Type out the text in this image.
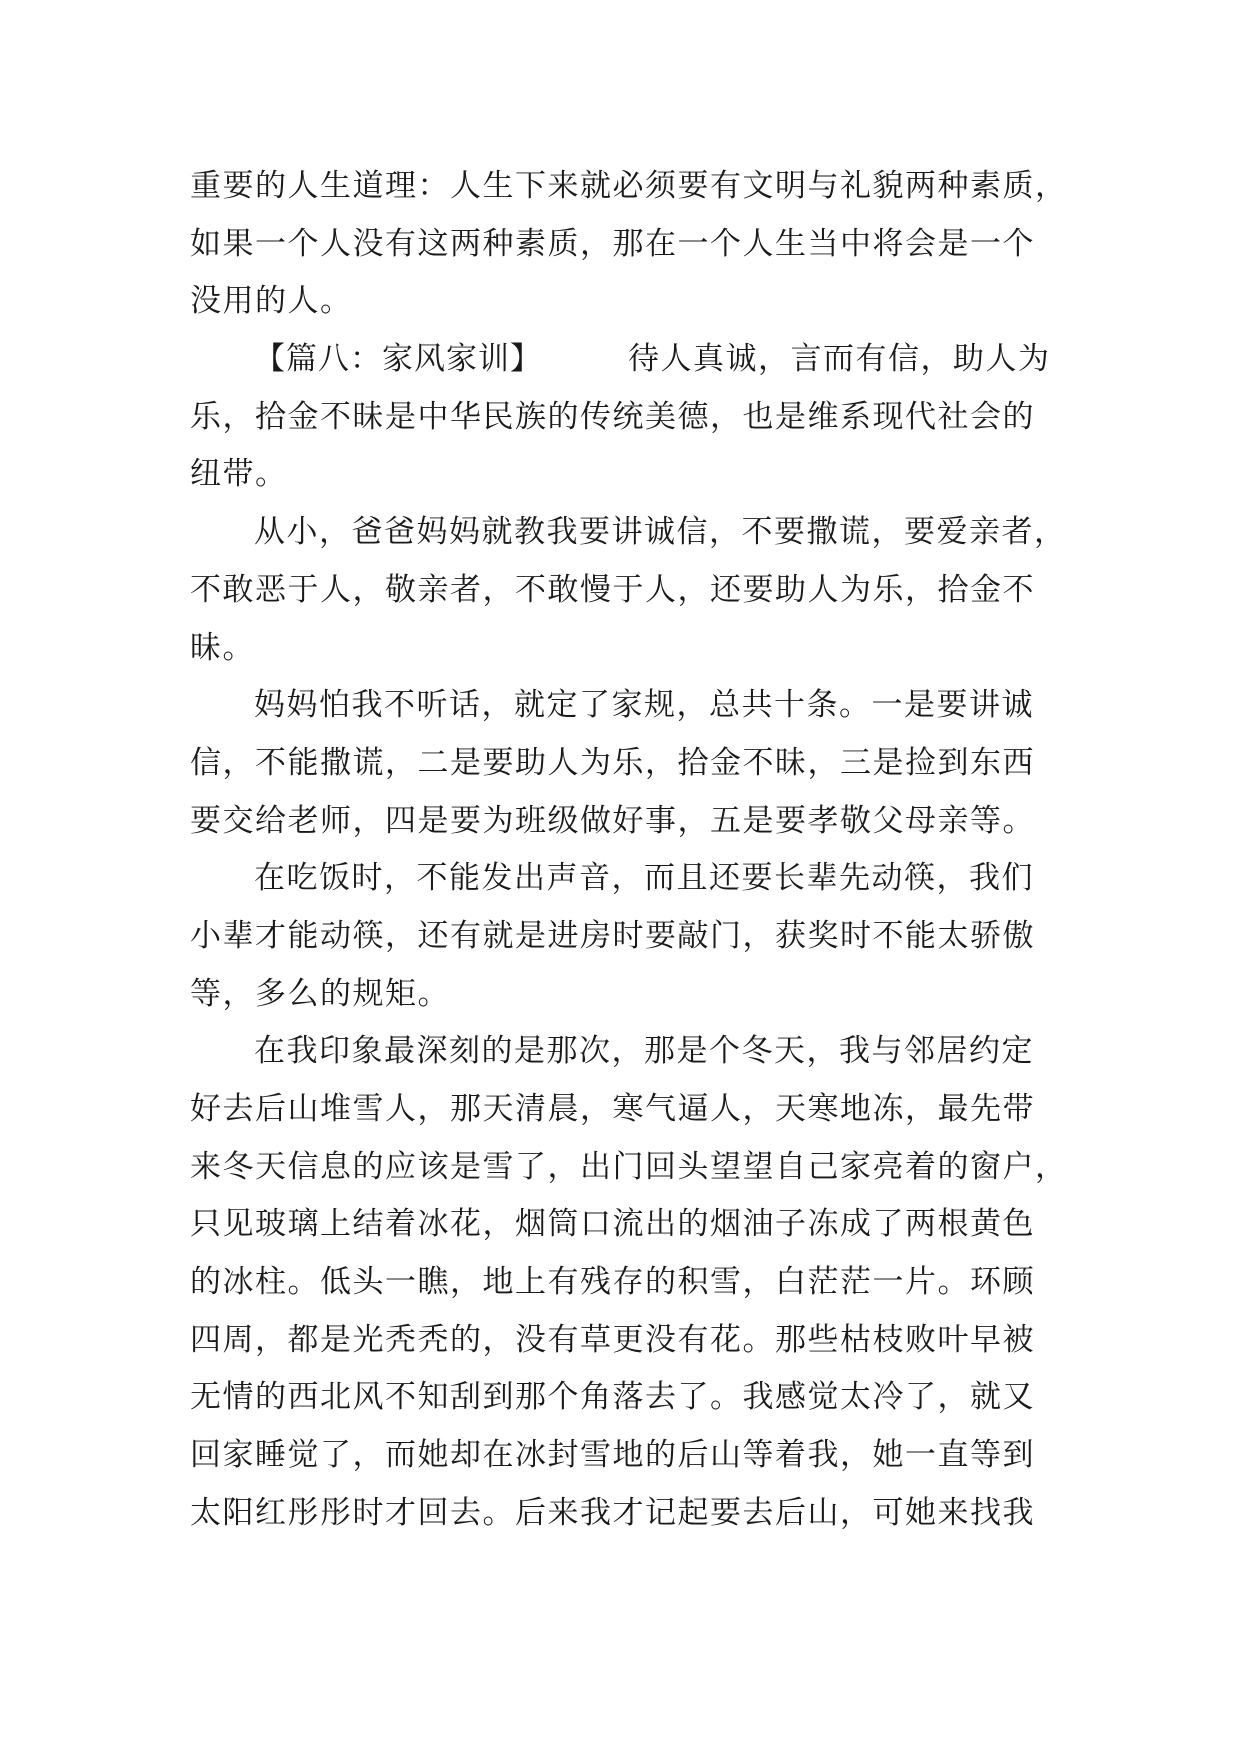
重要的人生道理：人生下来就必须要有文明与礼貌两种素质，
如果一个人没有这两种素质，那在一个人生当中将会是一个
没用的人。
【篇八：家风家训】	待人真诚，言而有信，助人为
乐，拾金不昧是中华民族的传统美德，也是维系现代社会的
纽带。
从小，爸爸妈妈就教我要讲诚信，不要撒谎，要爱亲者，
不敢恶于人，敬亲者，不敢慢于人，还要助人为乐，拾金不
昧。
妈妈怕我不听话，就定了家规，总共十条。一是要讲诚
信，不能撒谎，二是要助人为乐，拾金不昧，三是捡到东西
要交给老师，四是要为班级做好事，五是要孝敬父母亲等。
在吃饭时，不能发出声音，而且还要长辈先动筷，我们
小辈才能动筷，还有就是进房时要敲门，获奖时不能太骄傲
等，多么的规矩。
在我印象最深刻的是那次，那是个冬天，我与邻居约定
好去后山堆雪人，那天清晨，寒气逼人，天寒地冻，最先带
来冬天信息的应该是雪了，出门回头望望自己家亮着的窗户，
只见玻璃上结着冰花，烟筒口流出的烟油子冻成了两根黄色
的冰柱。低头一瞧，地上有残存的积雪，白茫茫一片。环顾
四周，都是光秃秃的，没有草更没有花。那些枯枝败叶早被
无情的西北风不知刮到那个角落去了。我感觉太冷了，就又
回家睡觉了，而她却在冰封雪地的后山等着我，她一直等到
太阳红彤彤时才回去。后来我才记起要去后山，可她来找我
